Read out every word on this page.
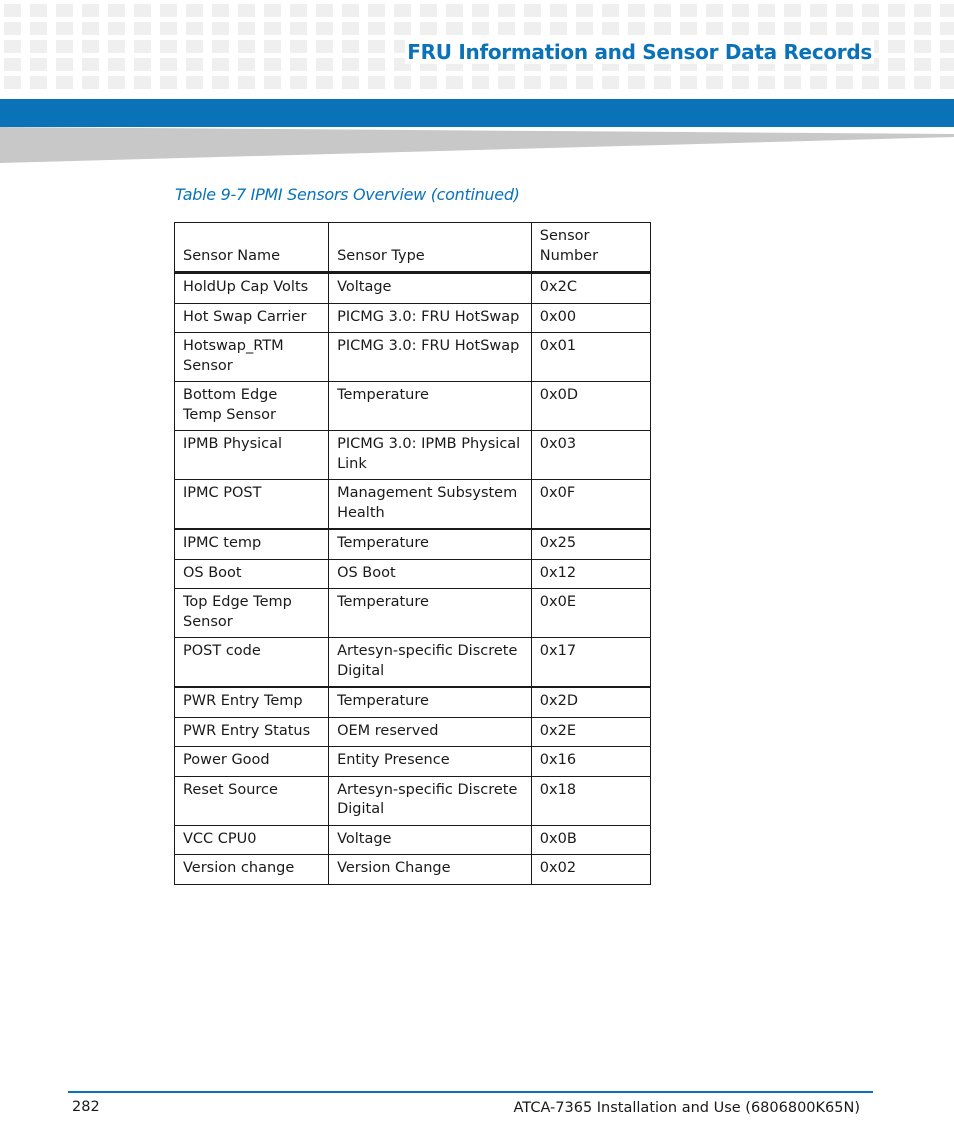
FRU Information and Sensor Data Records
Table 9-7 IPMI Sensors Overview (continued)
Sensor Name	Sensor Type	Sensor Number
HoldUp Cap Volts	Voltage	0x2C
Hot Swap Carrier	PICMG 3.0: FRU HotSwap	0x00
Hotswap_RTM Sensor	PICMG 3.0: FRU HotSwap	0x01
Bottom Edge Temp Sensor	Temperature	0x0D
IPMB Physical	PICMG 3.0: IPMB Physical Link	0x03
IPMC POST	Management Subsystem Health	0x0F
IPMC temp	Temperature	0x25
OS Boot	OS Boot	0x12
Top Edge Temp Sensor	Temperature	0x0E
POST code	Artesyn-specific Discrete Digital	0x17
PWR Entry Temp	Temperature	0x2D
PWR Entry Status	OEM reserved	0x2E
Power Good	Entity Presence	0x16
Reset Source	Artesyn-specific Discrete Digital	0x18
VCC CPU0	Voltage	0x0B
Version change	Version Change	0x02
282	ATCA-7365 Installation and Use (6806800K65N)
